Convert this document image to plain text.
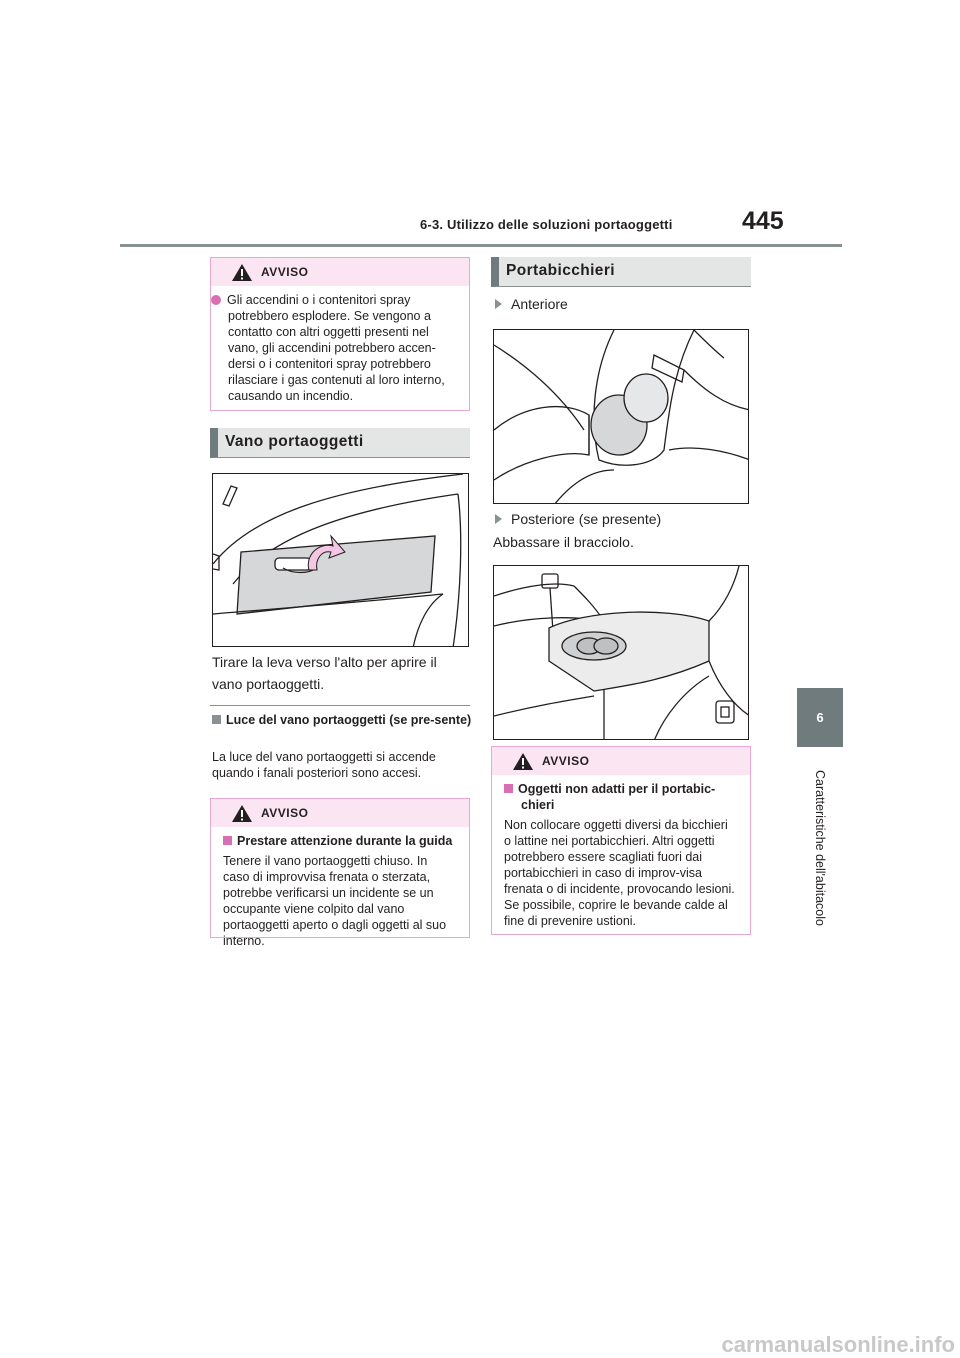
6-3. Utilizzo delle soluzioni portaoggetti	445
6
Caratteristiche dell'abitacolo
AVVISO
Gli accendini o i contenitori spray potrebbero esplodere. Se vengono a contatto con altri oggetti presenti nel vano, gli accendini potrebbero accen-dersi o i contenitori spray potrebbero rilasciare i gas contenuti al loro interno, causando un incendio.
Vano portaoggetti
Tirare la leva verso l'alto per aprire il vano portaoggetti.
Luce del vano portaoggetti (se pre-sente)
La luce del vano portaoggetti si accende quando i fanali posteriori sono accesi.
AVVISO
Prestare attenzione durante la guida
Tenere il vano portaoggetti chiuso. In caso di improvvisa frenata o sterzata, potrebbe verificarsi un incidente se un occupante viene colpito dal vano portaoggetti aperto o dagli oggetti al suo interno.
Portabicchieri
Anteriore
Posteriore (se presente)
Abbassare il bracciolo.
AVVISO
Oggetti non adatti per il portabic-chieri
Non collocare oggetti diversi da bicchieri o lattine nei portabicchieri. Altri oggetti potrebbero essere scagliati fuori dai portabicchieri in caso di improv-visa frenata o di incidente, provocando lesioni. Se possibile, coprire le bevande calde al fine di prevenire ustioni.
carmanualsonline.info
